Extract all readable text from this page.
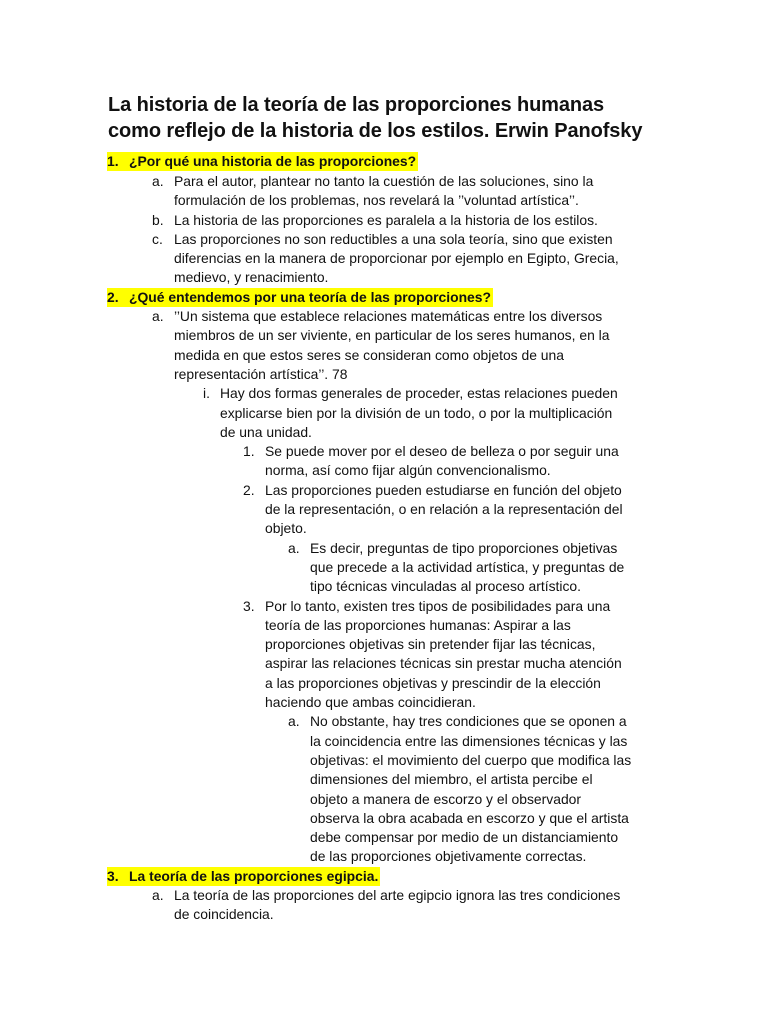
La historia de la teoría de las proporciones humanas
como reflejo de la historia de los estilos. Erwin Panofsky
1. ¿Por qué una historia de las proporciones?
a. Para el autor, plantear no tanto la cuestión de las soluciones, sino la
formulación de los problemas, nos revelará la ’’voluntad artística’’.
b. La historia de las proporciones es paralela a la historia de los estilos.
c. Las proporciones no son reductibles a una sola teoría, sino que existen
diferencias en la manera de proporcionar por ejemplo en Egipto, Grecia,
medievo, y renacimiento.
2. ¿Qué entendemos por una teoría de las proporciones?
a. ’’Un sistema que establece relaciones matemáticas entre los diversos
miembros de un ser viviente, en particular de los seres humanos, en la
medida en que estos seres se consideran como objetos de una
representación artística’’. 78
i. Hay dos formas generales de proceder, estas relaciones pueden
explicarse bien por la división de un todo, o por la multiplicación
de una unidad.
1. Se puede mover por el deseo de belleza o por seguir una
norma, así como fijar algún convencionalismo.
2. Las proporciones pueden estudiarse en función del objeto
de la representación, o en relación a la representación del
objeto.
a. Es decir, preguntas de tipo proporciones objetivas
que precede a la actividad artística, y preguntas de
tipo técnicas vinculadas al proceso artístico.
3. Por lo tanto, existen tres tipos de posibilidades para una
teoría de las proporciones humanas: Aspirar a las
proporciones objetivas sin pretender fijar las técnicas,
aspirar las relaciones técnicas sin prestar mucha atención
a las proporciones objetivas y prescindir de la elección
haciendo que ambas coincidieran.
a. No obstante, hay tres condiciones que se oponen a
la coincidencia entre las dimensiones técnicas y las
objetivas: el movimiento del cuerpo que modifica las
dimensiones del miembro, el artista percibe el
objeto a manera de escorzo y el observador
observa la obra acabada en escorzo y que el artista
debe compensar por medio de un distanciamiento
de las proporciones objetivamente correctas.
3. La teoría de las proporciones egipcia.
a. La teoría de las proporciones del arte egipcio ignora las tres condiciones
de coincidencia.
